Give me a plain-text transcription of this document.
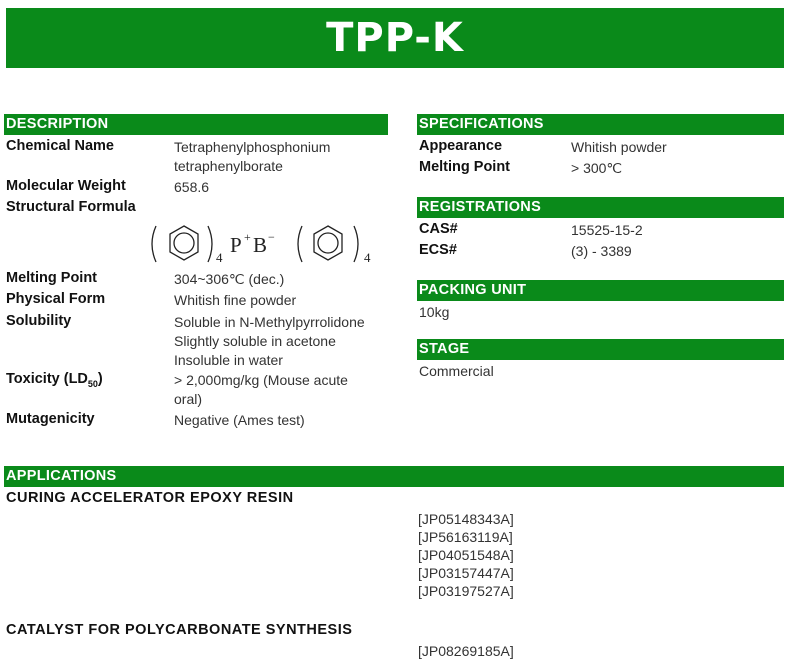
TPP-K
DESCRIPTION
Chemical Name	Tetraphenylphosphonium
tetraphenylborate
Molecular Weight	658.6
Structural Formula
4
P + B −
4
Melting Point	304~306℃ (dec.)
Physical Form	Whitish fine powder
Solubility	Soluble in N-Methylpyrrolidone
Slightly soluble in acetone
Insoluble in water
Toxicity $(LD_{50})$	> 2,000mg/kg (Mouse acute
oral)
Mutagenicity	Negative (Ames test)
SPECIFICATIONS
Appearance	Whitish powder
Melting Point	> 300℃
REGISTRATIONS
CAS#	15525-15-2
ECS#	(3) - 3389
PACKING UNIT
10kg
STAGE
Commercial
APPLICATIONS
CURING ACCELERATOR EPOXY RESIN
[JP05148343A]
[JP56163119A]
[JP04051548A]
[JP03157447A]
[JP03197527A]
CATALYST FOR POLYCARBONATE SYNTHESIS
[JP08269185A]
